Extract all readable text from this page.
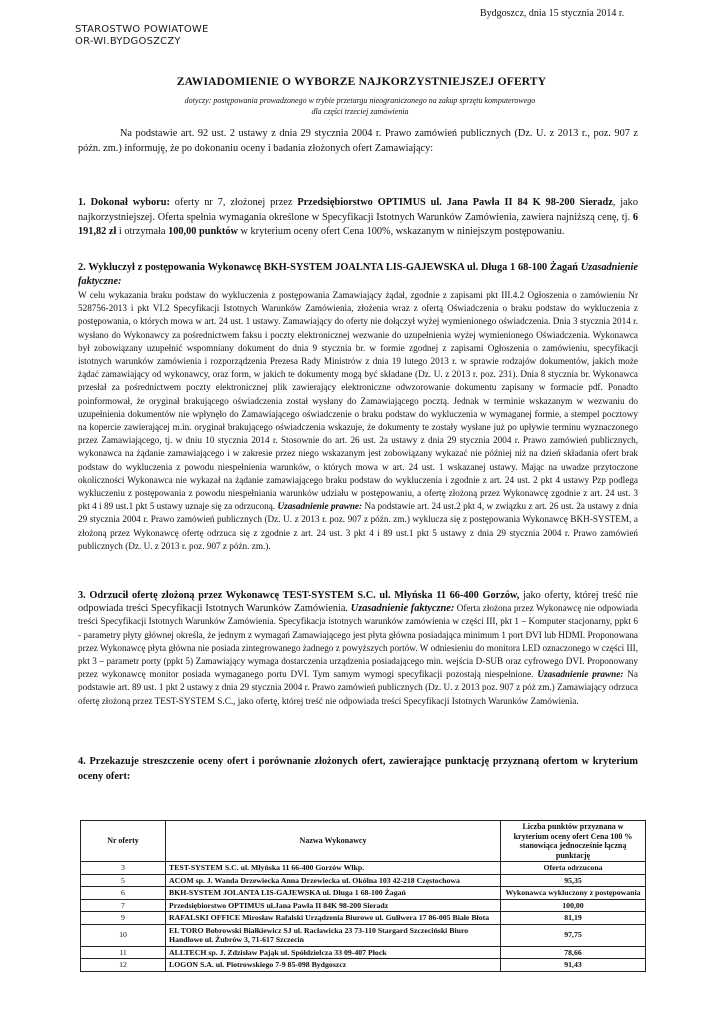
Bydgoszcz, dnia 15 stycznia 2014 r.
STAROSTWO POWIATOWE
OR-WI.BYDGOSZCZY
ZAWIADOMIENIE O WYBORZE NAJKORZYSTNIEJSZEJ OFERTY
dotyczy: postępowania prowadzonego w trybie przetargu nieograniczonego na zakup sprzętu komputerowego
dla części trzeciej zamówienia
Na podstawie art. 92 ust. 2 ustawy z dnia 29 stycznia 2004 r. Prawo zamówień publicznych (Dz. U. z 2013 r., poz. 907 z późn. zm.) informuję, że po dokonaniu oceny i badania złożonych ofert Zamawiający:
1. Dokonał wyboru: oferty nr 7, złożonej przez Przedsiębiorstwo OPTIMUS ul. Jana Pawła II 84 K 98-200 Sieradz, jako najkorzystniejszej. Oferta spełnia wymagania określone w Specyfikacji Istotnych Warunków Zamówienia, zawiera najniższą cenę, tj. 6 191,82 zł i otrzymała 100,00 punktów w kryterium oceny ofert Cena 100%, wskazanym w niniejszym postępowaniu.
2. Wykluczył z postępowania Wykonawcę BKH-SYSTEM JOALNTA LIS-GAJEWSKA ul. Długa 1 68-100 Żagań Uzasadnienie faktyczne:
W celu wykazania braku podstaw do wykluczenia z postępowania Zamawiający żądał, zgodnie z zapisami pkt III.4.2 Ogłoszenia o zamówieniu Nr 528756-2013 i pkt VI.2 Specyfikacji Istotnych Warunków Zamówienia, złożenia wraz z ofertą Oświadczenia o braku podstaw do wykluczenia z postępowania, o których mowa w art. 24 ust. 1 ustawy. Zamawiający do oferty nie dołączył wyżej wymienionego oświadczenia. Dnia 3 stycznia 2014 r. wysłano do Wykonawcy za pośrednictwem faksu i poczty elektronicznej wezwanie do uzupełnienia wyżej wymienionego Oświadczenia. Wykonawca był zobowiązany uzupełnić wspomniany dokument do dnia 9 stycznia br. w formie zgodnej z zapisami Ogłoszenia o zamówieniu, specyfikacji istotnych warunków zamówienia i rozporządzenia Prezesa Rady Ministrów z dnia 19 lutego 2013 r. w sprawie rodzajów dokumentów, jakich może żądać zamawiający od wykonawcy, oraz form, w jakich te dokumenty mogą być składane (Dz. U. z 2013 r. poz. 231). Dnia 8 stycznia br. Wykonawca przesłał za pośrednictwem poczty elektronicznej plik zawierający elektroniczne odwzorowanie dokumentu zapisany w formacie pdf. Ponadto poinformował, że oryginał brakującego oświadczenia został wysłany do Zamawiającego pocztą. Jednak w terminie wskazanym w wezwaniu do uzupełnienia dokumentów nie wpłynęło do Zamawiającego oświadczenie o braku podstaw do wykluczenia w wymaganej formie, a stempel pocztowy na kopercie zawierającej m.in. oryginał brakującego oświadczenia wskazuje, że dokumenty te zostały wysłane już po upływie terminu wyznaczonego przez Zamawiającego, tj. w dniu 10 stycznia 2014 r. Stosownie do art. 26 ust. 2a ustawy z dnia 29 stycznia 2004 r. Prawo zamówień publicznych, wykonawca na żądanie zamawiającego i w zakresie przez niego wskazanym jest zobowiązany wykazać nie później niż na dzień składania ofert brak podstaw do wykluczenia z powodu niespełnienia warunków, o których mowa w art. 24 ust. 1 wskazanej ustawy. Mając na uwadze przytoczone okoliczności Wykonawca nie wykazał na żądanie zamawiającego braku podstaw do wykluczenia i zgodnie z art. 24 ust. 2 pkt 4 ustawy Pzp podlega wykluczeniu z postępowania z powodu niespełniania warunków udziału w postępowaniu, a ofertę złożoną przez Wykonawcę zgodnie z art. 24 ust. 3 pkt 4 i 89 ust.1 pkt 5 ustawy uznaje się za odrzuconą. Uzasadnienie prawne: Na podstawie art. 24 ust.2 pkt 4, w związku z art. 26 ust. 2a ustawy z dnia 29 stycznia 2004 r. Prawo zamówień publicznych (Dz. U. z 2013 r. poz. 907 z późn. zm.) wyklucza się z postępowania Wykonawcę BKH-SYSTEM, a złożoną przez Wykonawcę ofertę odrzuca się z zgodnie z art. 24 ust. 3 pkt 4 i 89 ust.1 pkt 5 ustawy z dnia 29 stycznia 2004 r. Prawo zamówień publicznych (Dz. U. z 2013 r. poz. 907 z późn. zm.).
3. Odrzucił ofertę złożoną przez Wykonawcę TEST-SYSTEM S.C. ul. Młyńska 11 66-400 Gorzów, jako oferty, której treść nie odpowiada treści Specyfikacji Istotnych Warunków Zamówienia. Uzasadnienie faktyczne: Oferta złożona przez Wykonawcę nie odpowiada treści Specyfikacji Istotnych Warunków Zamówienia. Specyfikacja istotnych warunków zamówienia w części III, pkt 1 – Komputer stacjonarny, ppkt 6 - parametry płyty głównej określa, że jednym z wymagań Zamawiającego jest płyta główna posiadająca minimum 1 port DVI lub HDMI. Proponowana przez Wykonawcę płyta główna nie posiada zintegrowanego żadnego z powyższych portów. W odniesieniu do monitora LED oznaczonego w części III, pkt 3 – parametr porty (ppkt 5) Zamawiający wymaga dostarczenia urządzenia posiadającego min. wejścia D-SUB oraz cyfrowego DVI. Proponowany przez wykonawcę monitor posiada wymaganego portu DVI. Tym samym wymogi specyfikacji pozostają niespełnione. Uzasadnienie prawne: Na podstawie art. 89 ust. 1 pkt 2 ustawy z dnia 29 stycznia 2004 r. Prawo zamówień publicznych (Dz. U. z 2013 poz. 907 z póż zm.) Zamawiający odrzuca ofertę złożoną przez TEST-SYSTEM S.C., jako ofertę, której treść nie odpowiada treści Specyfikacji Istotnych Warunków Zamówienia.
4. Przekazuje streszczenie oceny ofert i porównanie złożonych ofert, zawierające punktację przyznaną ofertom w kryterium oceny ofert:
Nr oferty	Nazwa Wykonawcy	Liczba punktów przyznana w kryterium oceny ofert Cena 100 % stanowiąca jednocześnie łączną punktację
3	TEST-SYSTEM S.C. ul. Młyńska 11 66-400 Gorzów Wlkp.	Oferta odrzucona
5	ACOM sp. J. Wanda Drzewiecka Anna Drzewiecka ul. Okólna 103 42-218 Częstochowa	95,35
6	BKH-SYSTEM JOLANTA LIS-GAJEWSKA ul. Długa 1 68-100 Żagań	Wykonawca wykluczony z postępowania
7	Przedsiębiorstwo OPTIMUS ul.Jana Pawła II 84K 98-200 Sieradz	100,00
9	RAFALSKI OFFICE Mirosław Rafalski Urządzenia Biurowe ul. Gulłwera 17 86-005 Białe Błota	81,19
10	EL TORO Bobrowski Białkiewicz SJ ul. Racławicka 23 73-110 Stargard Szczeciński Biuro Handlowe ul. Żubrów 3, 71-617 Szczecin	97,75
11	ALLTECH sp. J. Zdzisław Pająk ul. Spółdzielcza 33 09-407 Płock	78,66
12	LOGON S.A. ul. Piotrowskiego 7-9 85-098 Bydgoszcz	91,43
